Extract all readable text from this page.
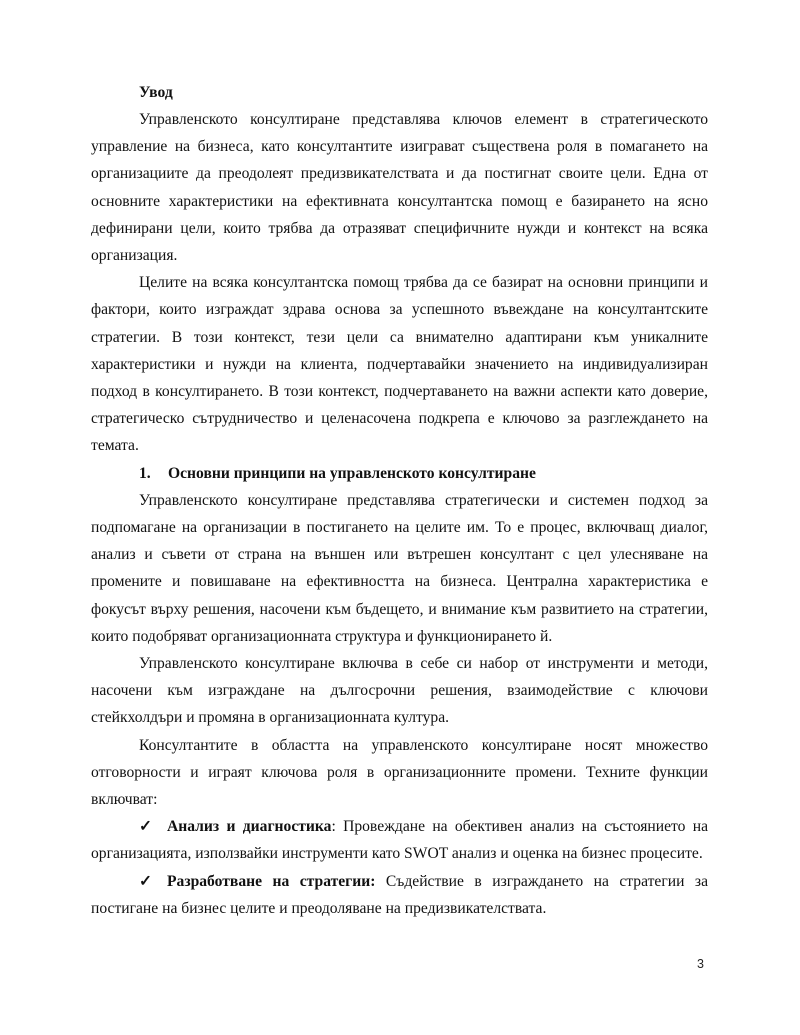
Увод

Управленското консултиране представлява ключов елемент в стратегическото управление на бизнеса, като консултантите изиграват съществена роля в помагането на организациите да преодолеят предизвикателствата и да постигнат своите цели. Една от основните характеристики на ефективната консултантска помощ е базирането на ясно дефинирани цели, които трябва да отразяват специфичните нужди и контекст на всяка организация.

Целите на всяка консултантска помощ трябва да се базират на основни принципи и фактори, които изграждат здрава основа за успешното въвеждане на консултантските стратегии. В този контекст, тези цели са внимателно адаптирани към уникалните характеристики и нужди на клиента, подчертавайки значението на индивидуализиран подход в консултирането. В този контекст, подчертаването на важни аспекти като доверие, стратегическо сътрудничество и целенасочена подкрепа е ключово за разглеждането на темата.

1. Основни принципи на управленското консултиране

Управленското консултиране представлява стратегически и системен подход за подпомагане на организации в постигането на целите им. То е процес, включващ диалог, анализ и съвети от страна на външен или вътрешен консултант с цел улесняване на промените и повишаване на ефективността на бизнеса. Централна характеристика е фокусът върху решения, насочени към бъдещето, и внимание към развитието на стратегии, които подобряват организационната структура и функционирането й.

Управленското консултиране включва в себе си набор от инструменти и методи, насочени към изграждане на дългосрочни решения, взаимодействие с ключови стейкхолдъри и промяна в организационната култура.

Консултантите в областта на управленското консултиране носят множество отговорности и играят ключова роля в организационните промени. Техните функции включват:

✓ Анализ и диагностика: Провеждане на обективен анализ на състоянието на организацията, използвайки инструменти като SWOT анализ и оценка на бизнес процесите.

✓ Разработване на стратегии: Съдействие в изграждането на стратегии за постигане на бизнес целите и преодоляване на предизвикателствата.

3
